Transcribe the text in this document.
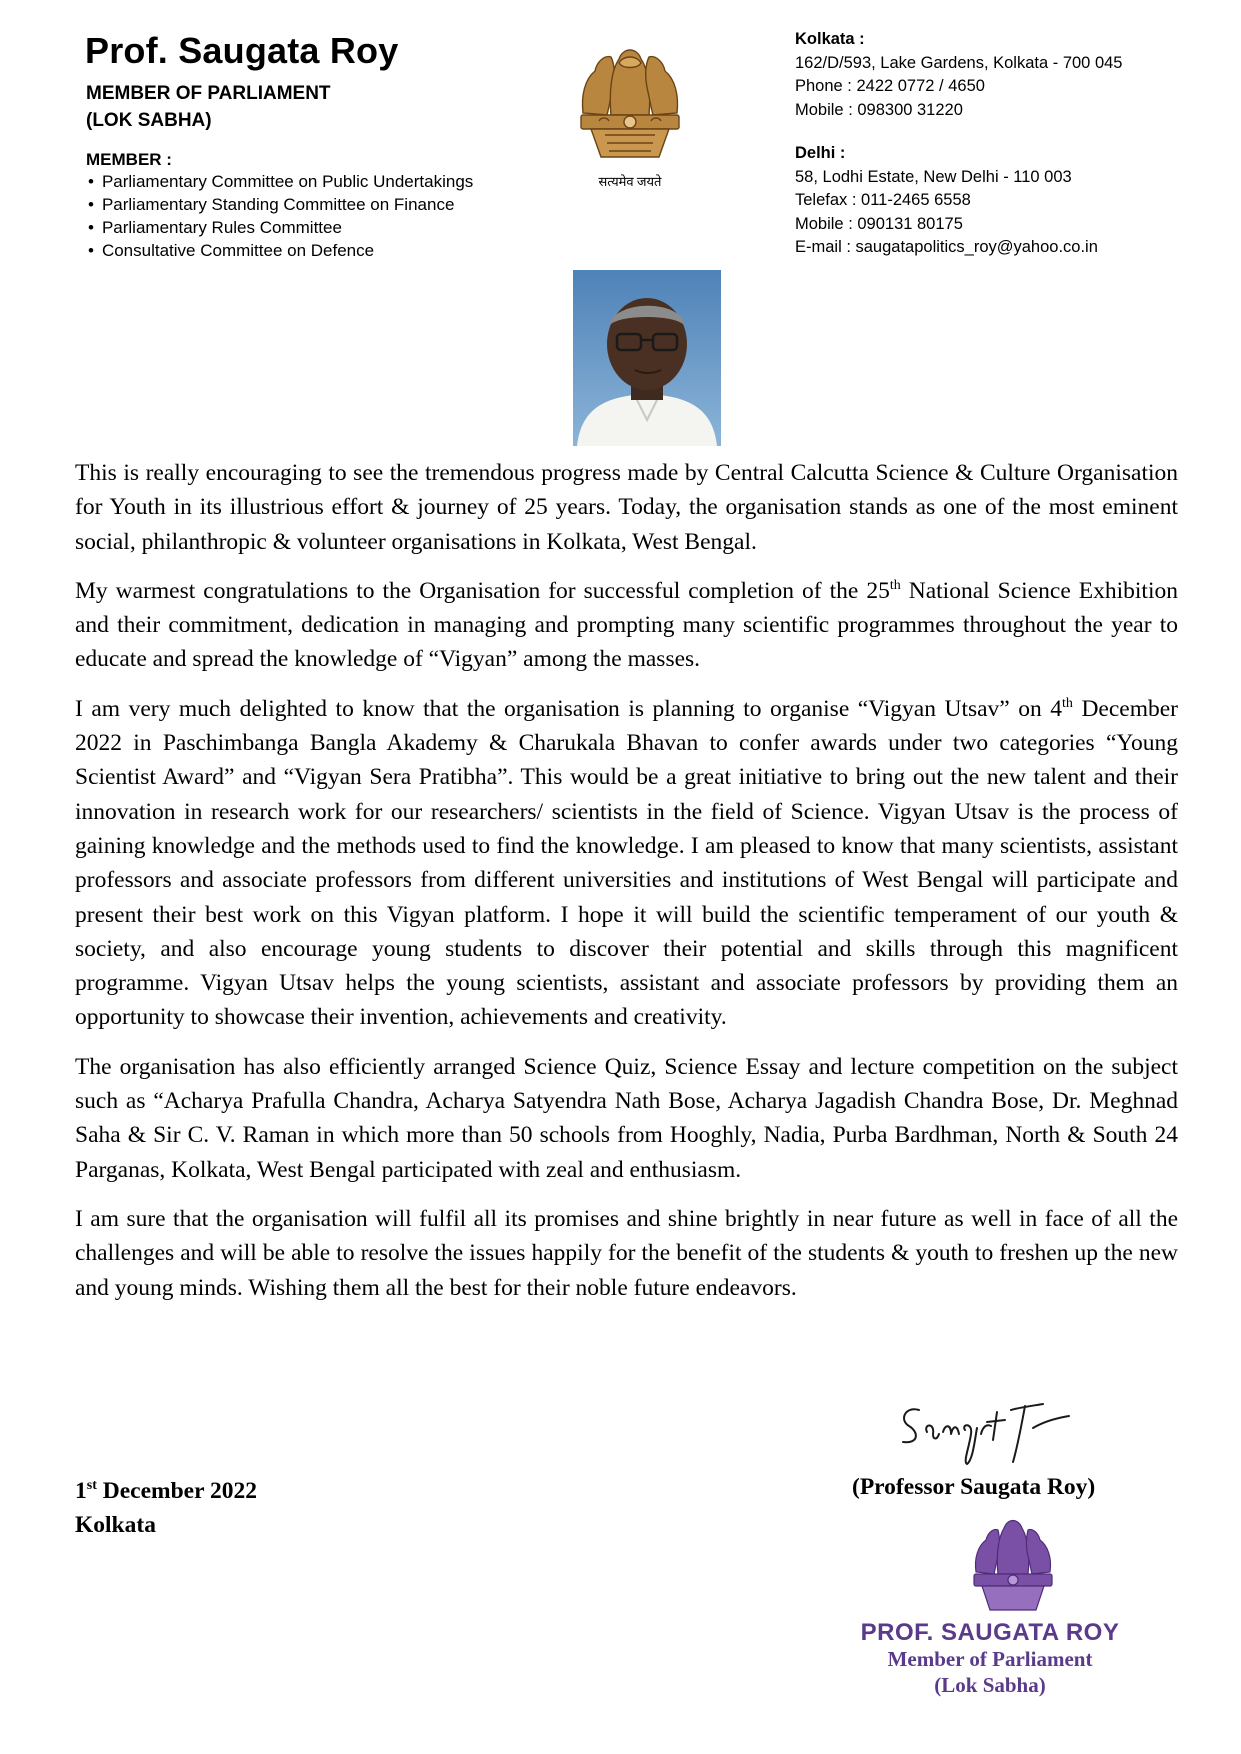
Prof. Saugata Roy
MEMBER OF PARLIAMENT
(LOK SABHA)
MEMBER :
• Parliamentary Committee on Public Undertakings
• Parliamentary Standing Committee on Finance
• Parliamentary Rules Committee
• Consultative Committee on Defence
सत्यमेव जयते
Kolkata :
162/D/593, Lake Gardens, Kolkata - 700 045
Phone : 2422 0772 / 4650
Mobile : 098300 31220
Delhi :
58, Lodhi Estate, New Delhi - 110 003
Telefax : 011-2465 6558
Mobile : 090131 80175
E-mail : saugatapolitics_roy@yahoo.co.in

This is really encouraging to see the tremendous progress made by Central Calcutta Science & Culture Organisation for Youth in its illustrious effort & journey of 25 years. Today, the organisation stands as one of the most eminent social, philanthropic & volunteer organisations in Kolkata, West Bengal.

My warmest congratulations to the Organisation for successful completion of the 25th National Science Exhibition and their commitment, dedication in managing and prompting many scientific programmes throughout the year to educate and spread the knowledge of “Vigyan” among the masses.

I am very much delighted to know that the organisation is planning to organise “Vigyan Utsav” on 4th December 2022 in Paschimbanga Bangla Akademy & Charukala Bhavan to confer awards under two categories “Young Scientist Award” and “Vigyan Sera Pratibha”. This would be a great initiative to bring out the new talent and their innovation in research work for our researchers/ scientists in the field of Science. Vigyan Utsav is the process of gaining knowledge and the methods used to find the knowledge. I am pleased to know that many scientists, assistant professors and associate professors from different universities and institutions of West Bengal will participate and present their best work on this Vigyan platform. I hope it will build the scientific temperament of our youth & society, and also encourage young students to discover their potential and skills through this magnificent programme. Vigyan Utsav helps the young scientists, assistant and associate professors by providing them an opportunity to showcase their invention, achievements and creativity.

The organisation has also efficiently arranged Science Quiz, Science Essay and lecture competition on the subject such as “Acharya Prafulla Chandra, Acharya Satyendra Nath Bose, Acharya Jagadish Chandra Bose, Dr. Meghnad Saha & Sir C. V. Raman in which more than 50 schools from Hooghly, Nadia, Purba Bardhman, North & South 24 Parganas, Kolkata, West Bengal participated with zeal and enthusiasm.

I am sure that the organisation will fulfil all its promises and shine brightly in near future as well in face of all the challenges and will be able to resolve the issues happily for the benefit of the students & youth to freshen up the new and young minds. Wishing them all the best for their noble future endeavors.

1st December 2022
Kolkata
(Professor Saugata Roy)
PROF. SAUGATA ROY
Member of Parliament
(Lok Sabha)
